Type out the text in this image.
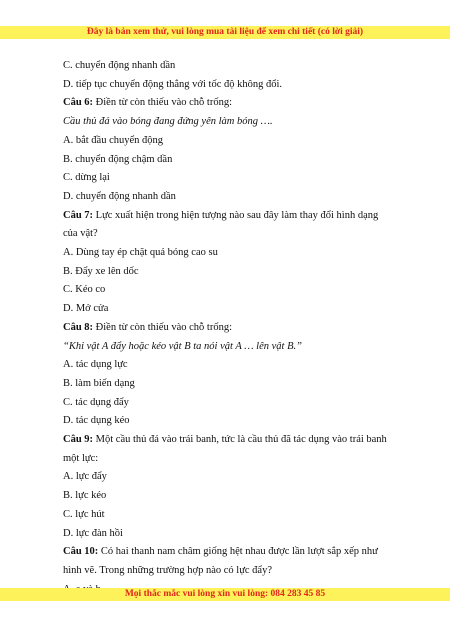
Đây là bản xem thử, vui lòng mua tài liệu để xem chi tiết (có lời giải)
C. chuyển động nhanh dần
D. tiếp tục chuyển động thẳng với tốc độ không đổi.
Câu 6: Điền từ còn thiếu vào chỗ trống:
Cầu thủ đá vào bóng đang đứng yên làm bóng ….
A. bắt đầu chuyển động
B. chuyển động chậm dần
C. dừng lại
D. chuyển động nhanh dần
Câu 7: Lực xuất hiện trong hiện tượng nào sau đây làm thay đổi hình dạng của vật?
A. Dùng tay ép chặt quả bóng cao su
B. Đẩy xe lên dốc
C. Kéo co
D. Mở cửa
Câu 8: Điền từ còn thiếu vào chỗ trống:
“Khi vật A đẩy hoặc kéo vật B ta nói vật A … lên vật B.”
A. tác dụng lực
B. làm biến dạng
C. tác dụng đẩy
D. tác dụng kéo
Câu 9: Một cầu thủ đá vào trái banh, tức là cầu thủ đã tác dụng vào trái banh một lực:
A. lực đẩy
B. lực kéo
C. lực hút
D. lực đàn hồi
Câu 10: Có hai thanh nam châm giống hệt nhau được lần lượt sắp xếp như hình vẽ. Trong những trường hợp nào có lực đẩy?
Mọi thắc mắc vui lòng xin vui lòng: 084 283 45 85
